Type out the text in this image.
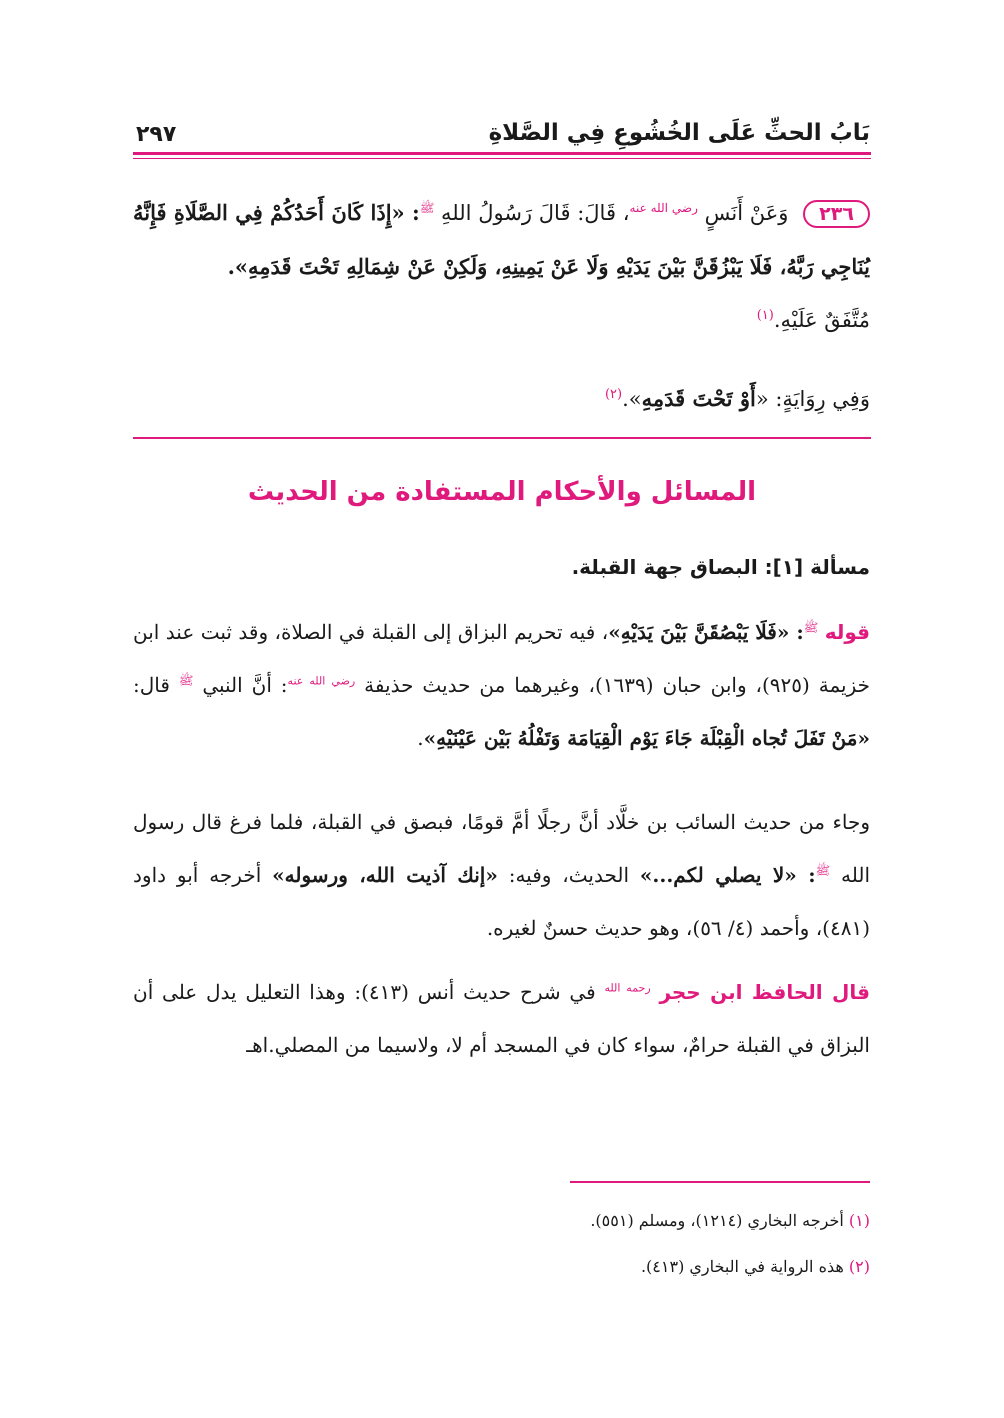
بَابُ الحثِّ عَلَى الخُشُوعِ فِي الصَّلاةِ
٢٩٧
٢٣٦ وَعَنْ أَنَسٍ $^{رضي الله عنه}$، قَالَ: قَالَ رَسُولُ اللهِ $^ﷺ$: «إِذَا كَانَ أَحَدُكُمْ فِي الصَّلَاةِ فَإِنَّهُ يُنَاجِي رَبَّهُ، فَلَا يَبْزُقَنَّ بَيْنَ يَدَيْهِ وَلَا عَنْ يَمِينِهِ، وَلَكِنْ عَنْ شِمَالِهِ تَحْتَ قَدَمِهِ».
مُتَّفَقٌ عَلَيْهِ.$^{(١)}$
وَفِي رِوَايَةٍ: «أَوْ تَحْتَ قَدَمِهِ».$^{(٢)}$
المسائل والأحكام المستفادة من الحديث
مسألة [١]: البصاق جهة القبلة.
قوله $^ﷺ$: «فَلَا يَبْصُقَنَّ بَيْنَ يَدَيْهِ»، فيه تحريم البزاق إلى القبلة في الصلاة، وقد ثبت عند ابن خزيمة (٩٢٥)، وابن حبان (١٦٣٩)، وغيرهما من حديث حذيفة $^{رضي الله عنه}$: أنَّ النبي $^ﷺ$ قال: «مَنْ تَفَلَ تُجاه الْقِبْلَة جَاءَ يَوْم الْقِيَامَة وَتَفْلُهُ بَيْن عَيْنَيْهِ».
وجاء من حديث السائب بن خلَّاد أنَّ رجلًا أمَّ قومًا، فبصق في القبلة، فلما فرغ قال رسول الله $^ﷺ$: «لا يصلي لكم...» الحديث، وفيه: «إنك آذيت الله، ورسوله» أخرجه أبو داود (٤٨١)، وأحمد (٤/ ٥٦)، وهو حديث حسنٌ لغيره.
قال الحافظ ابن حجر $^{رحمه الله}$ في شرح حديث أنس (٤١٣): وهذا التعليل يدل على أن البزاق في القبلة حرامٌ، سواء كان في المسجد أم لا، ولاسيما من المصلي.اهـ
(١) أخرجه البخاري (١٢١٤)، ومسلم (٥٥١).
(٢) هذه الرواية في البخاري (٤١٣).
